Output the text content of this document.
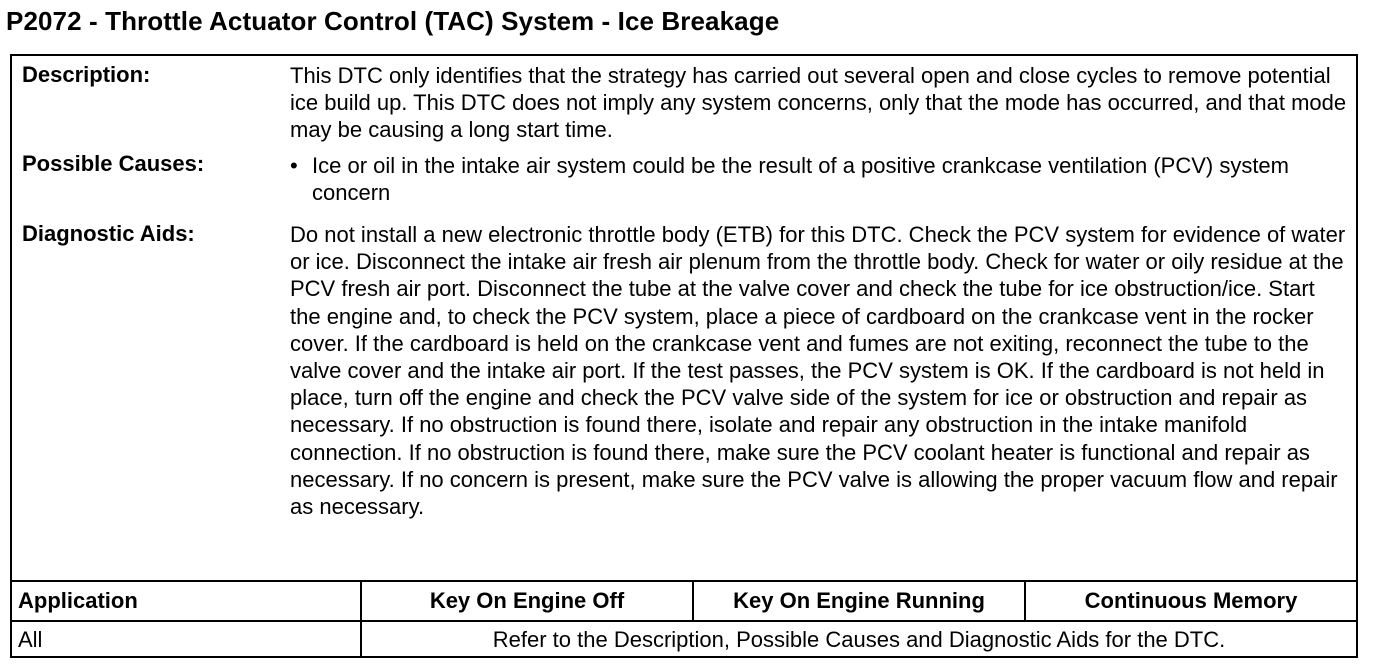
P2072 - Throttle Actuator Control (TAC) System - Ice Breakage
Description:	This DTC only identifies that the strategy has carried out several open and close cycles to remove potential ice build up. This DTC does not imply any system concerns, only that the mode has occurred, and that mode may be causing a long start time.
Possible Causes:	• Ice or oil in the intake air system could be the result of a positive crankcase ventilation (PCV) system concern
Diagnostic Aids:	Do not install a new electronic throttle body (ETB) for this DTC. Check the PCV system for evidence of water or ice. Disconnect the intake air fresh air plenum from the throttle body. Check for water or oily residue at the PCV fresh air port. Disconnect the tube at the valve cover and check the tube for ice obstruction/ice. Start the engine and, to check the PCV system, place a piece of cardboard on the crankcase vent in the rocker cover. If the cardboard is held on the crankcase vent and fumes are not exiting, reconnect the tube to the valve cover and the intake air port. If the test passes, the PCV system is OK. If the cardboard is not held in place, turn off the engine and check the PCV valve side of the system for ice or obstruction and repair as necessary. If no obstruction is found there, isolate and repair any obstruction in the intake manifold connection. If no obstruction is found there, make sure the PCV coolant heater is functional and repair as necessary. If no concern is present, make sure the PCV valve is allowing the proper vacuum flow and repair as necessary.
Application	Key On Engine Off	Key On Engine Running	Continuous Memory
All	Refer to the Description, Possible Causes and Diagnostic Aids for the DTC.
